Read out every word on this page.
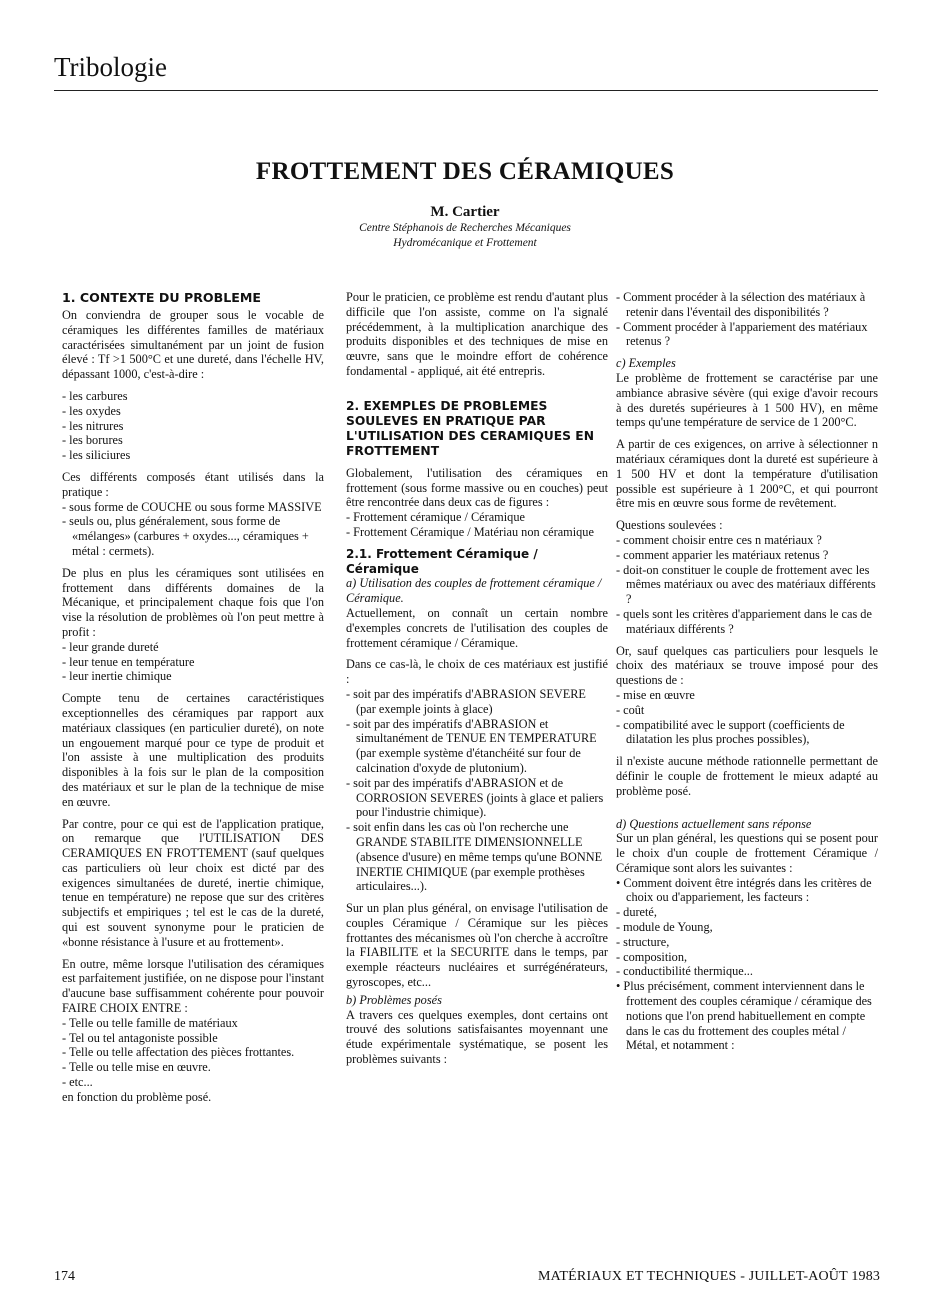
Tribologie
FROTTEMENT DES CÉRAMIQUES
M. Cartier
Centre Stéphanois de Recherches Mécaniques
Hydromécanique et Frottement
1. CONTEXTE DU PROBLEME

On conviendra de grouper sous le vocable de céramiques les différentes familles de matériaux caractérisées simultanément par un joint de fusion élevé : Tf >1 500°C et une dureté, dans l'échelle HV, dépassant 1000, c'est-à-dire :

- les carbures
- les oxydes
- les nitrures
- les borures
- les siliciures

Ces différents composés étant utilisés dans la pratique :

- sous forme de COUCHE ou sous forme MASSIVE
- seuls ou, plus généralement, sous forme de «mélanges» (carbures + oxydes..., céramiques + métal : cermets).

De plus en plus les céramiques sont utilisées en frottement dans différents domaines de la Mécanique, et principalement chaque fois que l'on vise la résolution de problèmes où l'on peut mettre à profit :

- leur grande dureté
- leur tenue en température
- leur inertie chimique

Compte tenu de certaines caractéristiques exceptionnelles des céramiques par rapport aux matériaux classiques (en particulier dureté), on note un engouement marqué pour ce type de produit et l'on assiste à une multiplication des produits disponibles à la fois sur le plan de la composition des matériaux et sur le plan de la technique de mise en œuvre.

Par contre, pour ce qui est de l'application pratique, on remarque que l'UTILISATION DES CERAMIQUES EN FROTTEMENT (sauf quelques cas particuliers où leur choix est dicté par des exigences simultanées de dureté, inertie chimique, tenue en température) ne repose que sur des critères subjectifs et empiriques ; tel est le cas de la dureté, qui est souvent synonyme pour le praticien de «bonne résistance à l'usure et au frottement».

En outre, même lorsque l'utilisation des céramiques est parfaitement justifiée, on ne dispose pour l'instant d'aucune base suffisamment cohérente pour pouvoir FAIRE CHOIX ENTRE :

- Telle ou telle famille de matériaux
- Tel ou tel antagoniste possible
- Telle ou telle affectation des pièces frottantes.
- Telle ou telle mise en œuvre.
- etc...
en fonction du problème posé.

Pour le praticien, ce problème est rendu d'autant plus difficile que l'on assiste, comme on l'a signalé précédemment, à la multiplication anarchique des produits disponibles et des techniques de mise en œuvre, sans que le moindre effort de cohérence fondamental - appliqué, ait été entrepris.

2. EXEMPLES DE PROBLEMES SOULEVES EN PRATIQUE PAR L'UTILISATION DES CERAMIQUES EN FROTTEMENT

Globalement, l'utilisation des céramiques en frottement (sous forme massive ou en couches) peut être rencontrée dans deux cas de figures :

- Frottement céramique / Céramique
- Frottement Céramique / Matériau non céramique
2.1. Frottement Céramique / Céramique
a) Utilisation des couples de frottement céramique / Céramique.

Actuellement, on connaît un certain nombre d'exemples concrets de l'utilisation des couples de frottement céramique / Céramique.

Dans ce cas-là, le choix de ces matériaux est justifié :

- soit par des impératifs d'ABRASION SEVERE (par exemple joints à glace)
- soit par des impératifs d'ABRASION et simultanément de TENUE EN TEMPERATURE (par exemple système d'étanchéité sur four de calcination d'oxyde de plutonium).
- soit par des impératifs d'ABRASION et de CORROSION SEVERES (joints à glace et paliers pour l'industrie chimique).
- soit enfin dans les cas où l'on recherche une GRANDE STABILITE DIMENSIONNELLE (absence d'usure) en même temps qu'une BONNE INERTIE CHIMIQUE (par exemple prothèses articulaires...).

Sur un plan plus général, on envisage l'utilisation de couples Céramique / Céramique sur les pièces frottantes des mécanismes où l'on cherche à accroître la FIABILITE et la SECURITE dans le temps, par exemple réacteurs nucléaires et surrégénérateurs, gyroscopes, etc...

b) Problèmes posés

A travers ces quelques exemples, dont certains ont trouvé des solutions satisfaisantes moyennant une étude expérimentale systématique, se posent les problèmes suivants :

- Comment procéder à la sélection des matériaux à retenir dans l'éventail des disponibilités ?
- Comment procéder à l'appariement des matériaux retenus ?
c) Exemples

Le problème de frottement se caractérise par une ambiance abrasive sévère (qui exige d'avoir recours à des duretés supérieures à 1 500 HV), en même temps qu'une température de service de 1 200°C.

A partir de ces exigences, on arrive à sélectionner n matériaux céramiques dont la dureté est supérieure à 1 500 HV et dont la température d'utilisation possible est supérieure à 1 200°C, et qui pourront être mis en œuvre sous forme de revêtement.

Questions soulevées :

- comment choisir entre ces n matériaux ?
- comment apparier les matériaux retenus ?
- doit-on constituer le couple de frottement avec les mêmes matériaux ou avec des matériaux différents ?
- quels sont les critères d'appariement dans le cas de matériaux différents ?

Or, sauf quelques cas particuliers pour lesquels le choix des matériaux se trouve imposé pour des questions de :

- mise en œuvre
- coût
- compatibilité avec le support (coefficients de dilatation les plus proches possibles),

il n'existe aucune méthode rationnelle permettant de définir le couple de frottement le mieux adapté au problème posé.

d) Questions actuellement sans réponse

Sur un plan général, les questions qui se posent pour le choix d'un couple de frottement Céramique / Céramique sont alors les suivantes :

• Comment doivent être intégrés dans les critères de choix ou d'appariement, les facteurs :
- dureté,
- module de Young,
- structure,
- composition,
- conductibilité thermique...
• Plus précisément, comment interviennent dans le frottement des couples céramique / céramique des notions que l'on prend habituellement en compte dans le cas du frottement des couples métal / Métal, et notamment :
174	MATÉRIAUX ET TECHNIQUES - JUILLET-AOÛT 1983
